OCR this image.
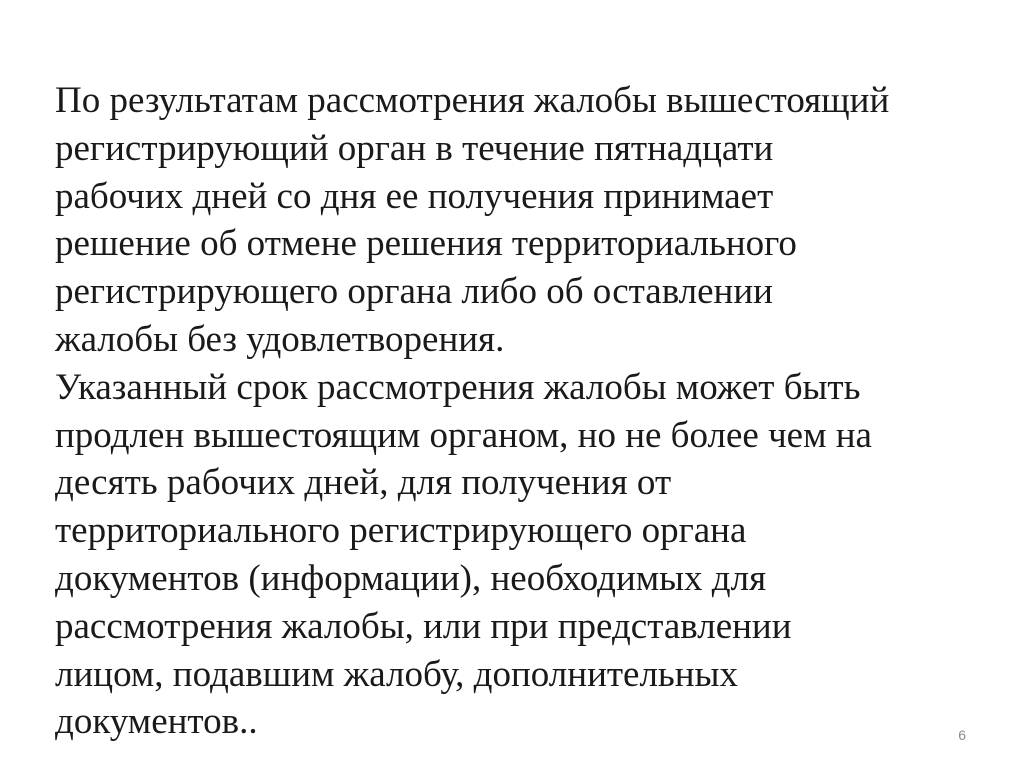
По результатам рассмотрения жалобы вышестоящий
регистрирующий орган в течение пятнадцати
рабочих дней со дня ее получения принимает
решение об отмене решения территориального
регистрирующего органа либо об оставлении
жалобы без удовлетворения.
Указанный срок рассмотрения жалобы может быть
продлен вышестоящим органом, но не более чем на
десять рабочих дней, для получения от
территориального регистрирующего органа
документов (информации), необходимых для
рассмотрения жалобы, или при представлении
лицом, подавшим жалобу, дополнительных
документов..	6
